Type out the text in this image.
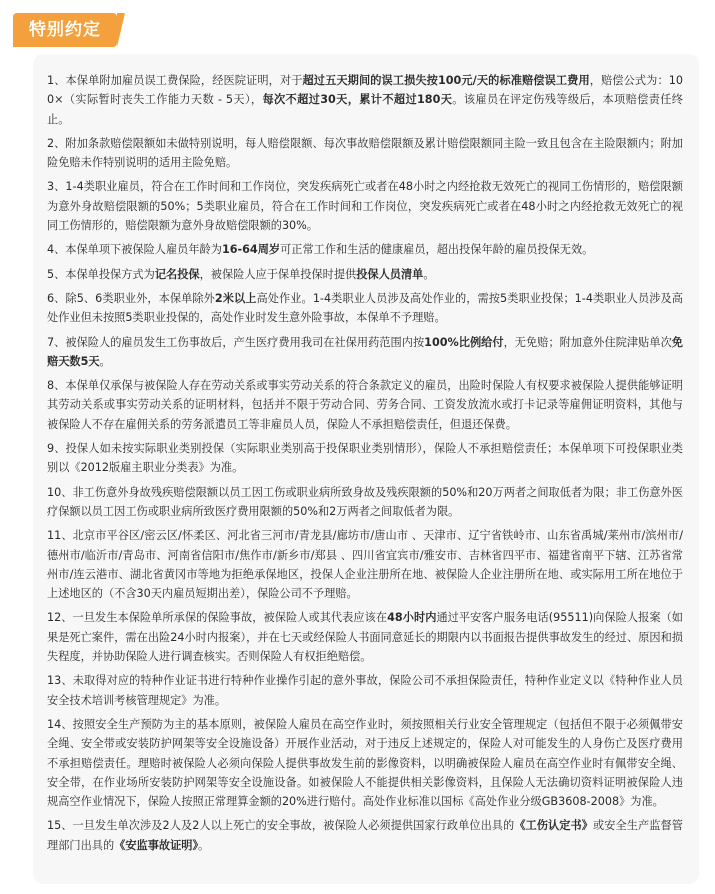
特别约定

1、本保单附加雇员误工费保险，经医院证明，对于超过五天期间的误工损失按100元/天的标准赔偿误工费用，赔偿公式为：100×（实际暂时丧失工作能力天数 - 5天），每次不超过30天，累计不超过180天。该雇员在评定伤残等级后，本项赔偿责任终止。

2、附加条款赔偿限额如未做特别说明，每人赔偿限额、每次事故赔偿限额及累计赔偿限额同主险一致且包含在主险限额内；附加险免赔未作特别说明的适用主险免赔。

3、1-4类职业雇员，符合在工作时间和工作岗位，突发疾病死亡或者在48小时之内经抢救无效死亡的视同工伤情形的，赔偿限额为意外身故赔偿限额的50%；5类职业雇员，符合在工作时间和工作岗位，突发疾病死亡或者在48小时之内经抢救无效死亡的视同工伤情形的，赔偿限额为意外身故赔偿限额的30%。

4、本保单项下被保险人雇员年龄为16-64周岁可正常工作和生活的健康雇员，超出投保年龄的雇员投保无效。

5、本保单投保方式为记名投保，被保险人应于保单投保时提供投保人员清单。

6、除5、6类职业外，本保单除外2米以上高处作业。1-4类职业人员涉及高处作业的，需按5类职业投保；1-4类职业人员涉及高处作业但未按照5类职业投保的，高处作业时发生意外险事故，本保单不予理赔。

7、被保险人的雇员发生工伤事故后，产生医疗费用我司在社保用药范围内按100%比例给付，无免赔；附加意外住院津贴单次免赔天数5天。

8、本保单仅承保与被保险人存在劳动关系或事实劳动关系的符合条款定义的雇员，出险时保险人有权要求被保险人提供能够证明其劳动关系或事实劳动关系的证明材料，包括并不限于劳动合同、劳务合同、工资发放流水或打卡记录等雇佣证明资料，其他与被保险人不存在雇佣关系的劳务派遣员工等非雇员人员，保险人不承担赔偿责任，但退还保费。

9、投保人如未按实际职业类别投保（实际职业类别高于投保职业类别情形），保险人不承担赔偿责任；本保单项下可投保职业类别以《2012版雇主职业分类表》为准。

10、非工伤意外身故残疾赔偿限额以员工因工伤或职业病所致身故及残疾限额的50%和20万两者之间取低者为限；非工伤意外医疗保额以员工因工伤或职业病所致医疗费用限额的50%和2万两者之间取低者为限。

11、北京市平谷区/密云区/怀柔区、河北省三河市/青龙县/廊坊市/唐山市 、天津市、辽宁省铁岭市、山东省禹城/莱州市/滨州市/德州市/临沂市/青岛市、河南省信阳市/焦作市/新乡市/郑县 、四川省宜宾市/雅安市、吉林省四平市、福建省南平下辖、江苏省常州市/连云港市、湖北省黄冈市等地为拒绝承保地区，投保人企业注册所在地、被保险人企业注册所在地、或实际用工所在地位于上述地区的（不含30天内雇员短期出差），保险公司不予理赔。

12、一旦发生本保险单所承保的保险事故，被保险人或其代表应该在48小时内通过平安客户服务电话(95511)向保险人报案（如果是死亡案件，需在出险24小时内报案），并在七天或经保险人书面同意延长的期限内以书面报告提供事故发生的经过、原因和损失程度，并协助保险人进行调查核实。否则保险人有权拒绝赔偿。

13、未取得对应的特种作业证书进行特种作业操作引起的意外事故，保险公司不承担保险责任，特种作业定义以《特种作业人员安全技术培训考核管理规定》为准。

14、按照安全生产预防为主的基本原则，被保险人雇员在高空作业时，须按照相关行业安全管理规定（包括但不限于必须佩带安全绳、安全带或安装防护网架等安全设施设备）开展作业活动，对于违反上述规定的，保险人对可能发生的人身伤亡及医疗费用不承担赔偿责任。理赔时被保险人必须向保险人提供事故发生前的影像资料，以明确被保险人雇员在高空作业时有佩带安全绳、安全带，在作业场所安装防护网架等安全设施设备。如被保险人不能提供相关影像资料，且保险人无法确切资料证明被保险人违规高空作业情况下，保险人按照正常理算金额的20%进行赔付。高处作业标准以国标《高处作业分级GB3608-2008》为准。

15、一旦发生单次涉及2人及2人以上死亡的安全事故，被保险人必须提供国家行政单位出具的《工伤认定书》或安全生产监督管理部门出具的《安监事故证明》。
